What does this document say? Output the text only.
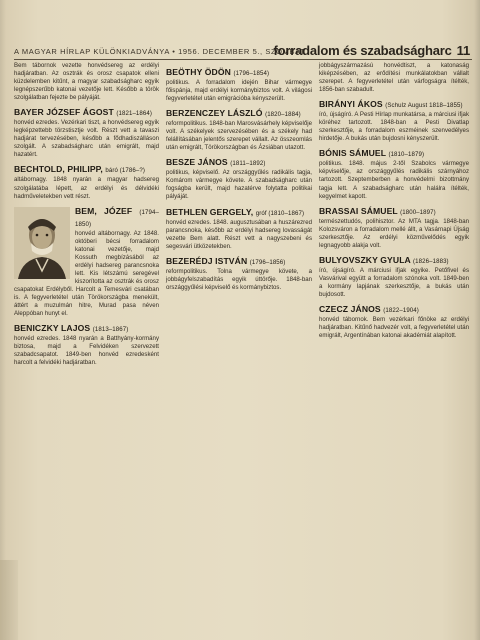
A MAGYAR HÍRLAP KÜLÖNKIADVÁNYA • 1956. DECEMBER 5., SZOMBAT
forradalom és szabadságharc 11

Bem tábornok vezette honvédsereg az erdélyi hadjáratban. Az osztrák és orosz csapatok elleni küzdelemben kitűnt, a magyar szabadságharc egyik legnépszerűbb katonai vezetője lett. Később a török szolgálatban fejezte be pályáját.

BAYER JÓZSEF ÁGOST (1821–1864)

honvéd ezredes. Vezérkari tiszt, a honvédsereg egyik legképzettebb törzstisztje volt. Részt vett a tavaszi hadjárat tervezésében, később a fődhadiszálláson szolgált. A szabadságharc után emigrált, majd hazatért.

BECHTOLD, PHILIPP, báró (1786–?)

altábornagy. 1848 nyarán a magyar hadsereg szolgálatába lépett, az erdélyi és délvidéki hadműveletekben vett részt.

BEM, JÓZEF (1794–1850)

honvéd altábornagy. Az 1848. októberi bécsi forradalom katonai vezetője, majd Kossuth megbízásából az erdélyi hadsereg parancsnoka lett. Kis létszámú seregével kiszorította az osztrák és orosz csapatokat Erdélyből. Harcolt a Temesvári csatában is. A fegyverletétel után Törökországba menekült, áttért a muzulmán hitre, Murad pasa néven Aleppóban hunyt el.

BENICZKY LAJOS (1813–1867)

honvéd ezredes. 1848 nyarán a Batthyány-kormány biztosa, majd a Felvidéken szervezett szabadcsapatot. 1849-ben honvéd ezredesként harcolt a felvidéki hadjáratban.

BEÖTHY ÖDÖN (1796–1854)

politikus. A forradalom idején Bihar vármegye főispánja, majd erdélyi kormánybiztos volt. A világosi fegyverletétel után emigrációba kényszerült.

BERZENCZEY LÁSZLÓ (1820–1884)

reformpolitikus. 1848-ban Marosvásárhely képviselője volt. A székelyek szervezésében és a székely had felállításában jelentős szerepet vállalt. Az összeomlás után emigrált, Törökországban és Ázsiában utazott.

BESZE JÁNOS (1811–1892)

politikus, képviselő. Az országgyűlés radikális tagja, Komárom vármegye követe. A szabadságharc után fogságba került, majd hazatérve folytatta politikai pályáját.

BETHLEN GERGELY, gróf (1810–1867)

honvéd ezredes. 1848. augusztusában a huszárezred parancsnoka, később az erdélyi hadsereg lovasságát vezette Bem alatt. Részt vett a nagyszebeni és segesvári ütközetekben.

BEZERÉDJ ISTVÁN (1796–1856)

reformpolitikus. Tolna vármegye követe, a jobbágyfelszabadítás egyik úttörője. 1848-ban országgyűlési képviselő és kormánybiztos.

jobbágyszármazású honvédtiszt, a katonaság kiképzésében, az erődítési munkálatokban vállalt szerepet. A fegyverletétel után várfogságra ítélték, 1856-ban szabadult.

BIRÁNYI ÁKOS (Schulz August 1818–1855)

író, újságíró. A Pesti Hírlap munkatársa, a márciusi ifjak köréhez tartozott. 1848-ban a Pesti Divatlap szerkesztője, a forradalom eszméinek szenvedélyes hirdetője. A bukás után bujdosni kényszerült.

BÓNIS SÁMUEL (1810–1879)

politikus. 1848. május 2-től Szabolcs vármegye képviselője, az országgyűlés radikális szárnyához tartozott. Szeptemberben a honvédelmi bizottmány tagja lett. A szabadságharc után halálra ítélték, kegyelmet kapott.

BRASSAI SÁMUEL (1800–1897)

természettudós, polihisztor. Az MTA tagja. 1848-ban Kolozsváron a forradalom mellé állt, a Vasárnapi Újság szerkesztője. Az erdélyi közművelődés egyik legnagyobb alakja volt.

BULYOVSZKY GYULA (1826–1883)

író, újságíró. A márciusi ifjak egyike. Petőfivel és Vasvárival együtt a forradalom szónoka volt. 1849-ben a kormány lapjának szerkesztője, a bukás után bujdosott.

CZECZ JÁNOS (1822–1904)

honvéd tábornok. Bem vezérkari főnöke az erdélyi hadjáratban. Kitűnő hadvezér volt, a fegyverletétel után emigrált, Argentínában katonai akadémiát alapított.
